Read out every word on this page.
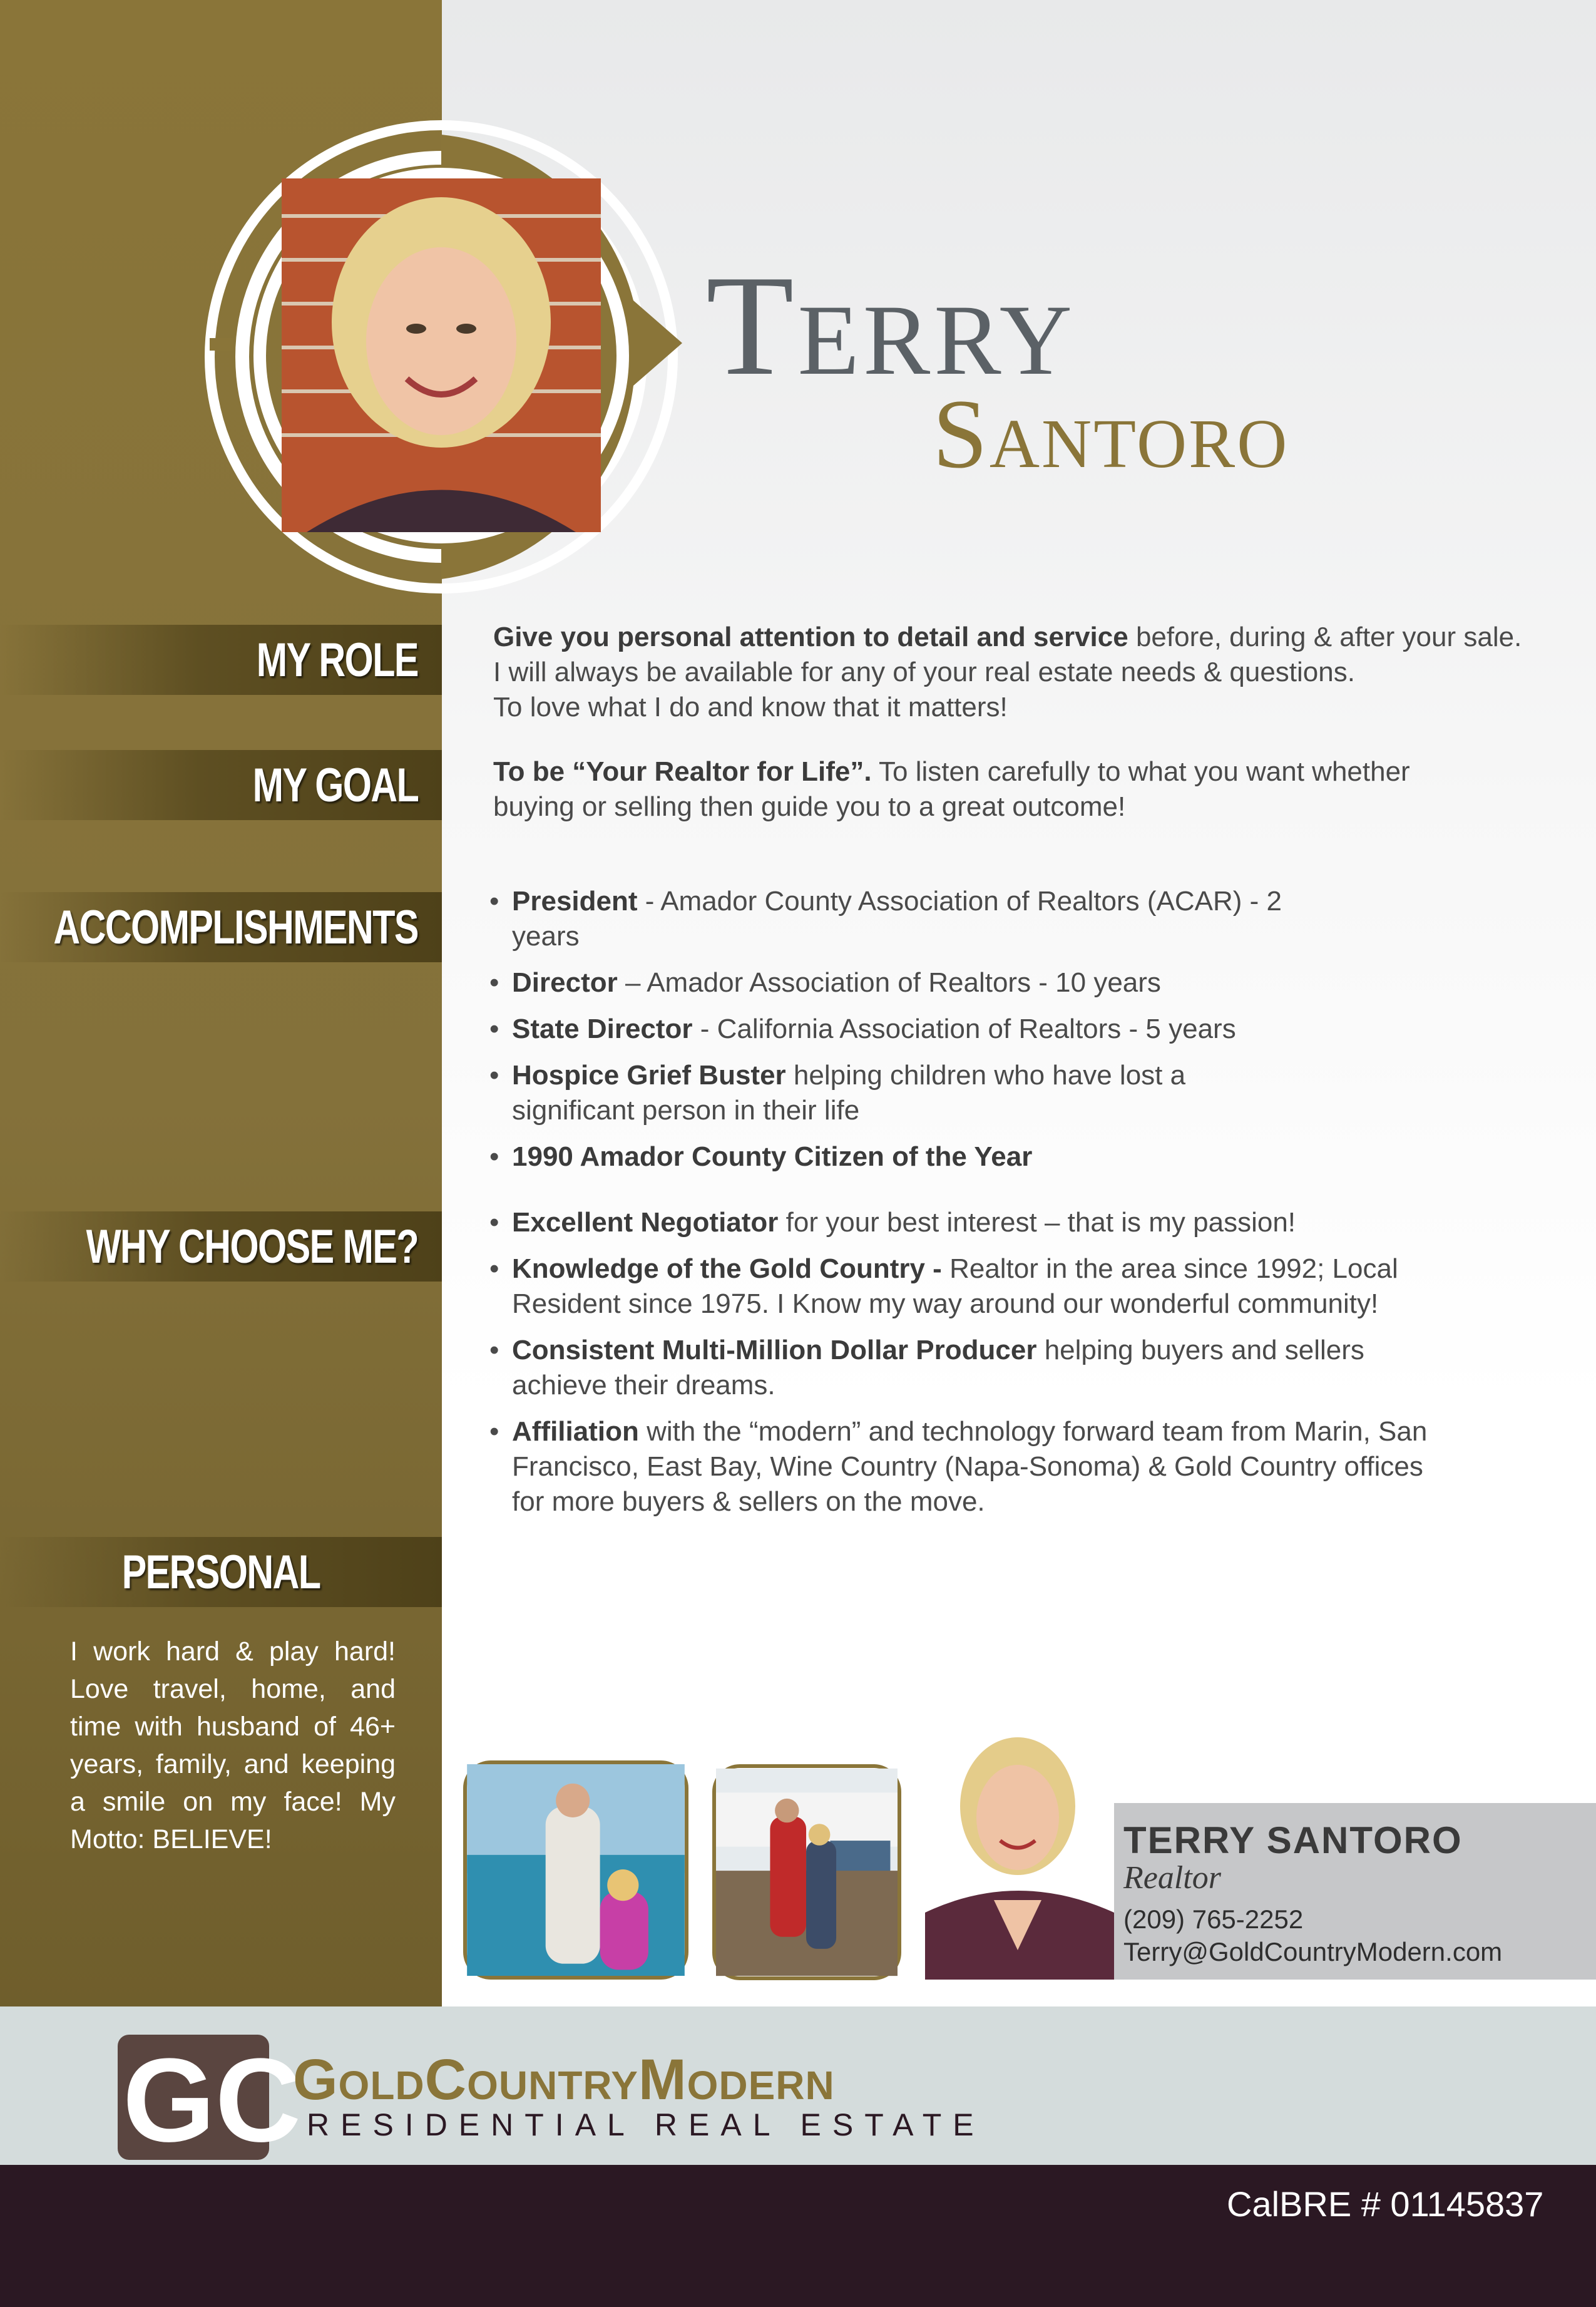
Terry
Santoro
MY ROLE	Give you personal attention to detail and service before, during & after your sale.
I will always be available for any of your real estate needs & questions.
To love what I do and know that it matters!
MY GOAL	To be “Your Realtor for Life”. To listen carefully to what you want whether
buying or selling then guide you to a great outcome!
ACCOMPLISHMENTS	• President - Amador County Association of Realtors (ACAR) - 2 years
• Director – Amador Association of Realtors - 10 years
• State Director - California Association of Realtors - 5 years
• Hospice Grief Buster helping children who have lost a significant person in their life
• 1990 Amador County Citizen of the Year
WHY CHOOSE ME?	• Excellent Negotiator for your best interest – that is my passion!
• Knowledge of the Gold Country - Realtor in the area since 1992; Local Resident since 1975. I Know my way around our wonderful community!
• Consistent Multi-Million Dollar Producer helping buyers and sellers achieve their dreams.
• Affiliation with the “modern” and technology forward team from Marin, San Francisco, East Bay, Wine Country (Napa-Sonoma) & Gold Country offices for more buyers & sellers on the move.
PERSONAL
I work hard & play hard! Love travel, home, and time with husband of 46+ years, family, and keeping a smile on my face! My Motto: BELIEVE!	TERRY SANTORO
Realtor
(209) 765-2252
Terry@GoldCountryModern.com
GC
GoldCountryModern
RESIDENTIAL REAL ESTATE
CalBRE # 01145837
